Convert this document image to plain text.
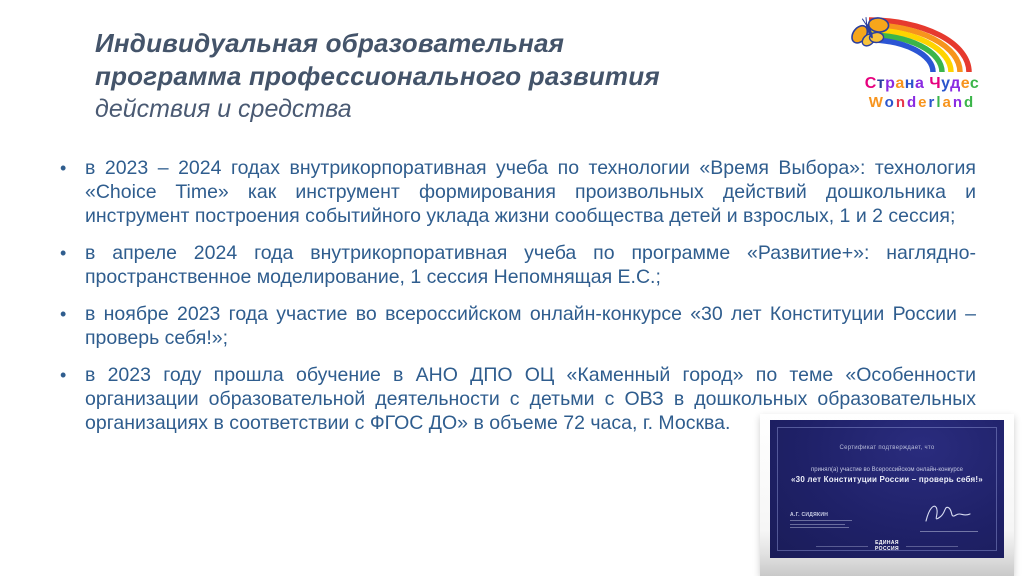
Индивидуальная образовательная
программа профессионального развития
действия и средства
Страна Чудес
Wonderland
• в 2023 – 2024 годах внутрикорпоративная учеба по технологии «Время Выбора»: технология «Choice Time» как инструмент формирования произвольных действий дошкольника и инструмент построения событийного уклада жизни сообщества детей и взрослых, 1 и 2 сессия;
• в апреле 2024 года внутрикорпоративная учеба по программе «Развитие+»: наглядно-пространственное моделирование, 1 сессия Непомнящая Е.С.;
• в ноябре 2023 года участие во всероссийском онлайн-конкурсе «30 лет Конституции России – проверь себя!»;
• в 2023 году прошла обучение в АНО ДПО ОЦ «Каменный город» по теме «Особенности организации образовательной деятельности с детьми с ОВЗ в дошкольных образовательных организациях в соответствии с ФГОС ДО» в объеме 72 часа, г. Москва.
Сертификат подтверждает, что
принял(а) участие во Всероссийском онлайн-конкурсе
«30 лет Конституции России – проверь себя!»
А.Г. СИДЯКИН
ЕДИНАЯ
РОССИЯ
